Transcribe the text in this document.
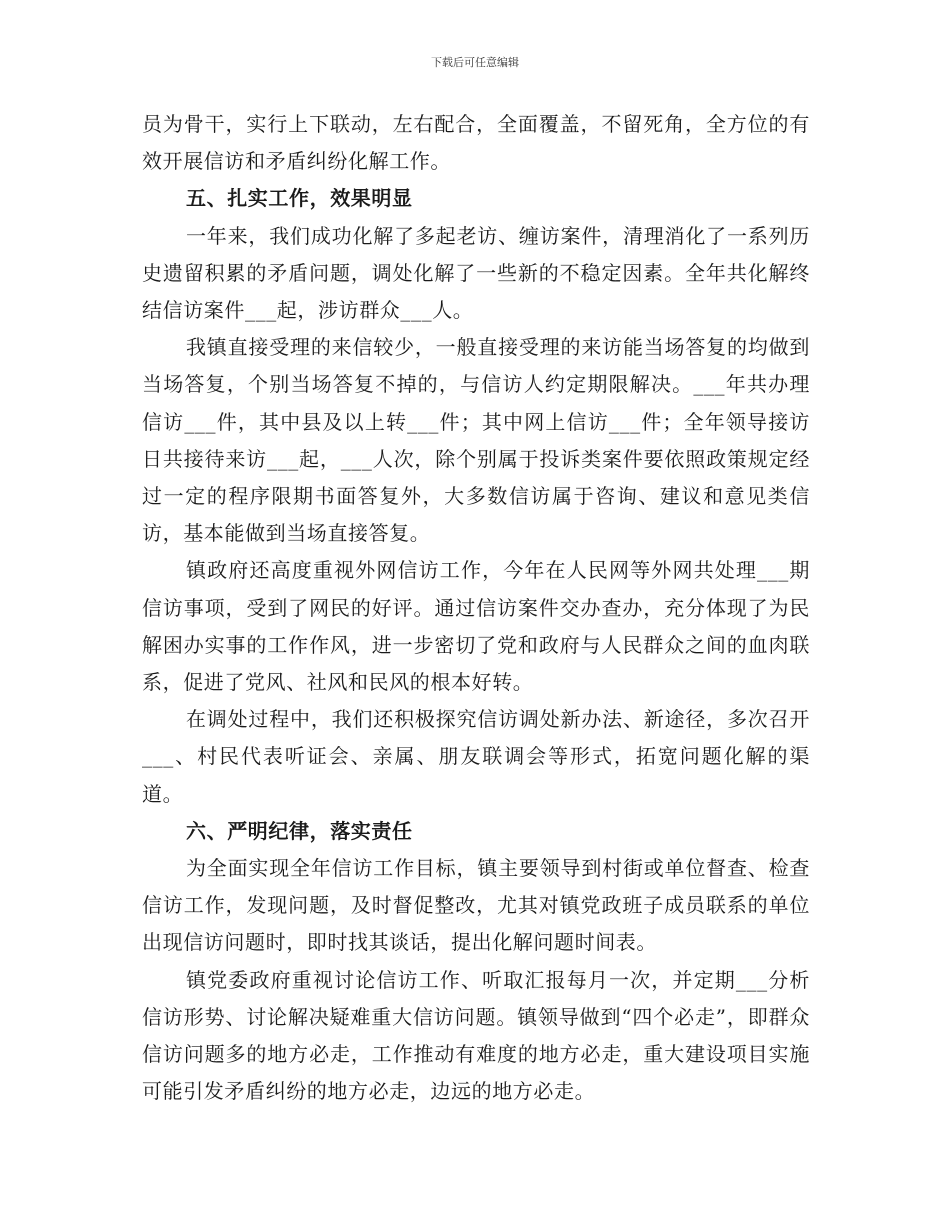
下载后可任意编辑

员为骨干，实行上下联动，左右配合，全面覆盖，不留死角，全方位的有效开展信访和矛盾纠纷化解工作。

五、扎实工作，效果明显

一年来，我们成功化解了多起老访、缠访案件，清理消化了一系列历史遗留积累的矛盾问题，调处化解了一些新的不稳定因素。全年共化解终结信访案件___起，涉访群众___人。

我镇直接受理的来信较少，一般直接受理的来访能当场答复的均做到当场答复，个别当场答复不掉的，与信访人约定期限解决。___年共办理信访___件，其中县及以上转___件；其中网上信访___件；全年领导接访日共接待来访___起，___人次，除个别属于投诉类案件要依照政策规定经过一定的程序限期书面答复外，大多数信访属于咨询、建议和意见类信访，基本能做到当场直接答复。

镇政府还高度重视外网信访工作，今年在人民网等外网共处理___期信访事项，受到了网民的好评。通过信访案件交办查办，充分体现了为民解困办实事的工作作风，进一步密切了党和政府与人民群众之间的血肉联系，促进了党风、社风和民风的根本好转。

在调处过程中，我们还积极探究信访调处新办法、新途径，多次召开___、村民代表听证会、亲属、朋友联调会等形式，拓宽问题化解的渠道。

六、严明纪律，落实责任

为全面实现全年信访工作目标，镇主要领导到村街或单位督查、检查信访工作，发现问题，及时督促整改，尤其对镇党政班子成员联系的单位出现信访问题时，即时找其谈话，提出化解问题时间表。

镇党委政府重视讨论信访工作、听取汇报每月一次，并定期___分析信访形势、讨论解决疑难重大信访问题。镇领导做到“四个必走”，即群众信访问题多的地方必走，工作推动有难度的地方必走，重大建设项目实施可能引发矛盾纠纷的地方必走，边远的地方必走。
